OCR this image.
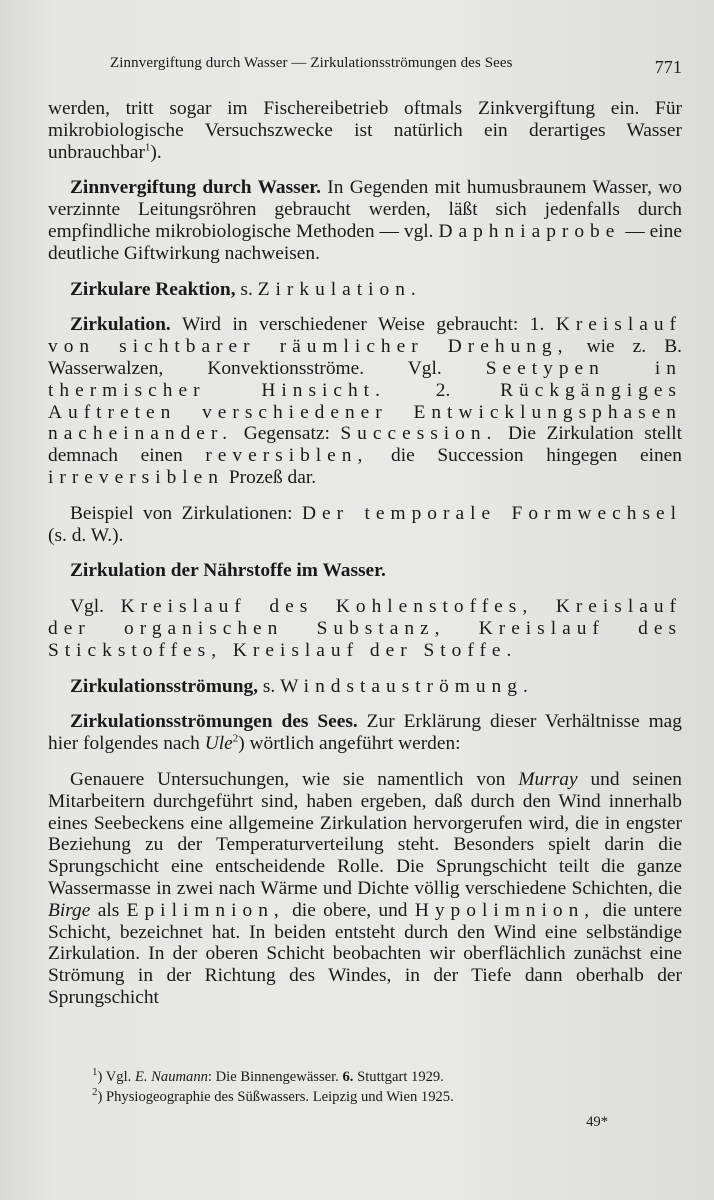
Zinnvergiftung durch Wasser — Zirkulationsströmungen des Sees	771

werden, tritt sogar im Fischereibetrieb oftmals Zinkvergiftung ein. Für mikrobiologische Versuchszwecke ist natürlich ein derartiges Wasser unbrauchbar$^1$).

Zinnvergiftung durch Wasser. In Gegenden mit humusbraunem Wasser, wo verzinnte Leitungsröhren gebraucht werden, läßt sich jedenfalls durch empfindliche mikrobiologische Methoden — vgl. Daphniaprobe — eine deutliche Giftwirkung nachweisen.

Zirkulare Reaktion, s. Zirkulation.

Zirkulation. Wird in verschiedener Weise gebraucht: 1. Kreislauf von sichtbarer räumlicher Drehung, wie z. B. Wasserwalzen, Konvektionsströme. Vgl. Seetypen in thermischer Hinsicht.	2.	Rückgängiges Auftreten verschiedener Entwicklungsphasen nacheinander. Gegensatz: Succession. Die Zirkulation stellt demnach einen reversiblen, die Succession hingegen einen irreversiblen Prozeß dar.

Beispiel von Zirkulationen: Der temporale Formwechsel (s. d. W.).

Zirkulation der Nährstoffe im Wasser.

Vgl. Kreislauf des Kohlenstoffes, Kreislauf der organischen Substanz, Kreislauf des Stickstoffes, Kreislauf der Stoffe.

Zirkulationsströmung, s. Windstauströmung.

Zirkulationsströmungen des Sees. Zur Erklärung dieser Verhältnisse mag hier folgendes nach Ule$^2$) wörtlich angeführt werden:

Genauere Untersuchungen, wie sie namentlich von Murray und seinen Mitarbeitern durchgeführt sind, haben ergeben, daß durch den Wind innerhalb eines Seebeckens eine allgemeine Zirkulation hervorgerufen wird, die in engster Beziehung zu der Temperaturverteilung steht. Besonders spielt darin die Sprungschicht eine entscheidende Rolle. Die Sprungschicht teilt die ganze Wassermasse in zwei nach Wärme und Dichte völlig verschiedene Schichten, die Birge als Epilimnion, die obere, und Hypolimnion, die untere Schicht, bezeichnet hat. In beiden entsteht durch den Wind eine selbständige Zirkulation. In der oberen Schicht beobachten wir oberflächlich zunächst eine Strömung in der Richtung des Windes, in der Tiefe dann oberhalb der Sprungschicht

$^1$) Vgl. E. Naumann: Die Binnengewässer. 6. Stuttgart 1929.

$^2$) Physiogeographie des Süßwassers. Leipzig und Wien 1925.

49*
